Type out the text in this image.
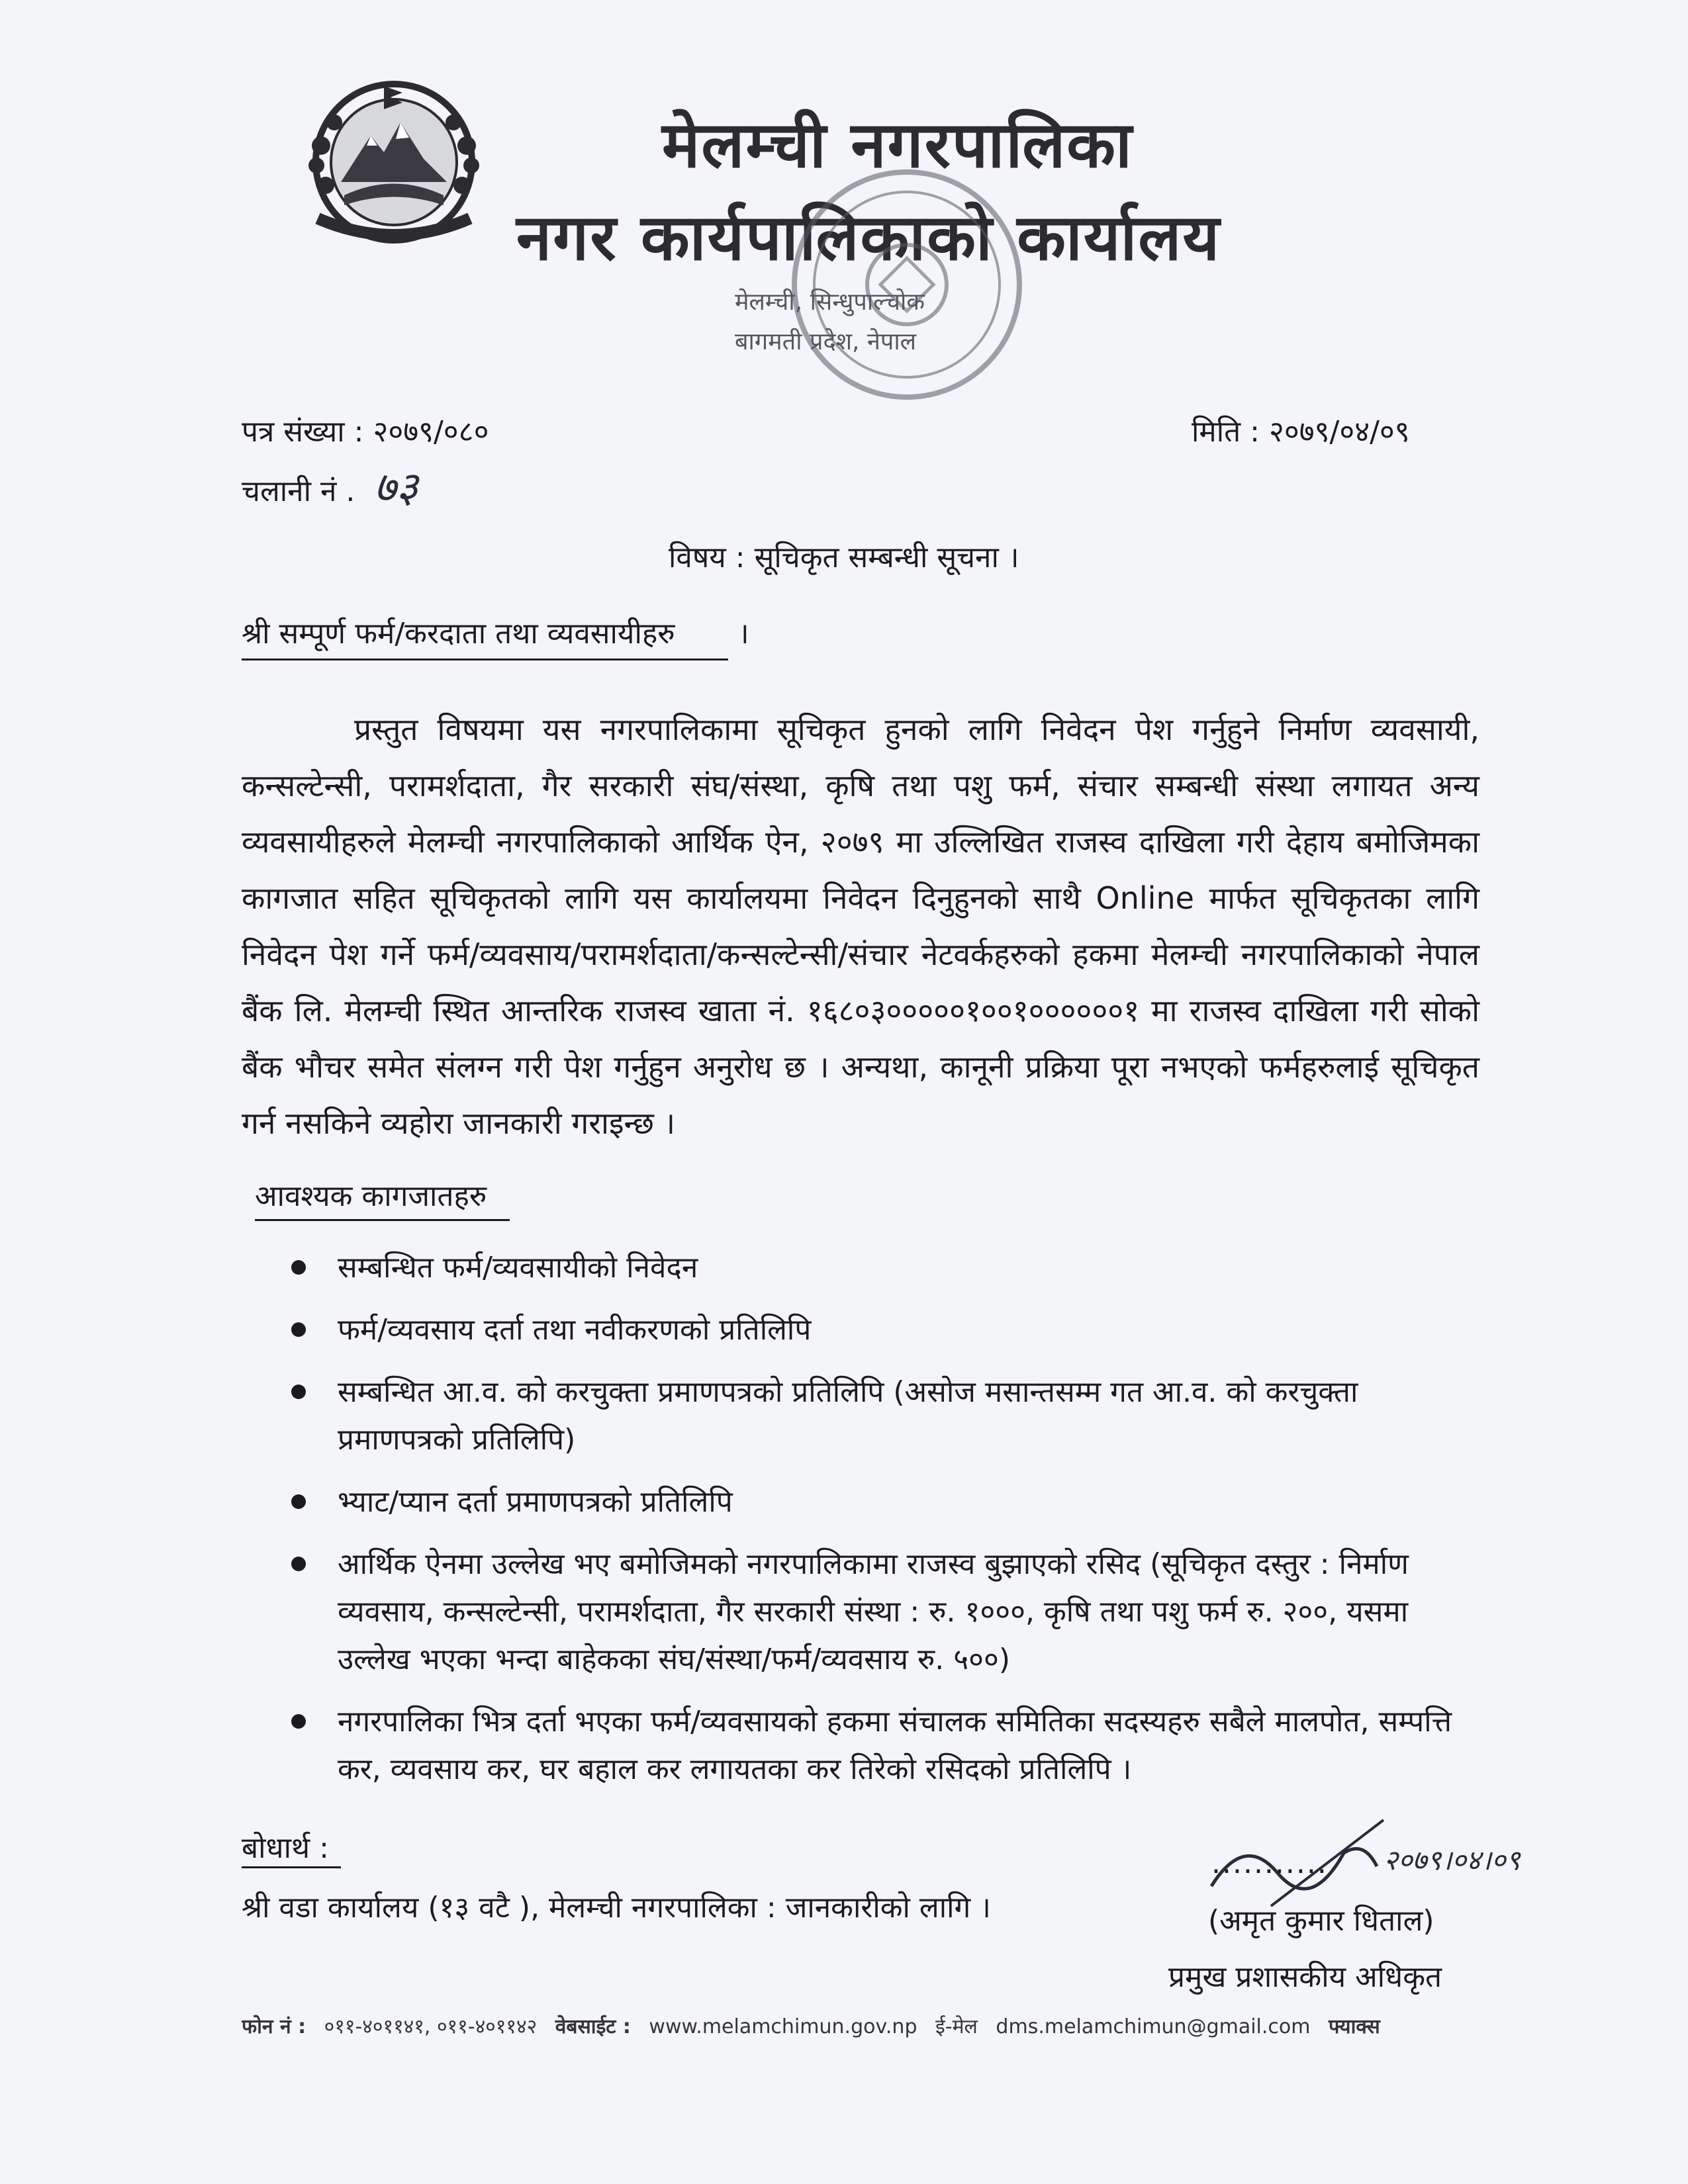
मेलम्ची नगरपालिका
नगर कार्यपालिकाको कार्यालय
मेलम्ची, सिन्धुपाल्चोक
बागमती प्रदेश, नेपाल
पत्र संख्या : २०७९/०८०	मिति : २०७९/०४/०९
चलानी नं . ७३
विषय : सूचिकृत सम्बन्धी सूचना ।
श्री सम्पूर्ण फर्म/करदाता तथा व्यवसायीहरु ।
प्रस्तुत विषयमा यस नगरपालिकामा सूचिकृत हुनको लागि निवेदन पेश गर्नुहुने निर्माण व्यवसायी, कन्सल्टेन्सी, परामर्शदाता, गैर सरकारी संघ/संस्था, कृषि तथा पशु फर्म, संचार सम्बन्धी संस्था लगायत अन्य व्यवसायीहरुले मेलम्ची नगरपालिकाको आर्थिक ऐन, २०७९ मा उल्लिखित राजस्व दाखिला गरी देहाय बमोजिमका कागजात सहित सूचिकृतको लागि यस कार्यालयमा निवेदन दिनुहुनको साथै Online मार्फत सूचिकृतका लागि निवेदन पेश गर्ने फर्म/व्यवसाय/परामर्शदाता/कन्सल्टेन्सी/संचार नेटवर्कहरुको हकमा मेलम्ची नगरपालिकाको नेपाल बैंक लि. मेलम्ची स्थित आन्तरिक राजस्व खाता नं. १६८०३०००००१००१००००००१ मा राजस्व दाखिला गरी सोको बैंक भौचर समेत संलग्न गरी पेश गर्नुहुन अनुरोध छ । अन्यथा, कानूनी प्रक्रिया पूरा नभएको फर्महरुलाई सूचिकृत गर्न नसकिने व्यहोरा जानकारी गराइन्छ ।
आवश्यक कागजातहरु
सम्बन्धित फर्म/व्यवसायीको निवेदन
फर्म/व्यवसाय दर्ता तथा नवीकरणको प्रतिलिपि
सम्बन्धित आ.व. को करचुक्ता प्रमाणपत्रको प्रतिलिपि (असोज मसान्तसम्म गत आ.व. को करचुक्ता प्रमाणपत्रको प्रतिलिपि)
भ्याट/प्यान दर्ता प्रमाणपत्रको प्रतिलिपि
आर्थिक ऐनमा उल्लेख भए बमोजिमको नगरपालिकामा राजस्व बुझाएको रसिद (सूचिकृत दस्तुर : निर्माण व्यवसाय, कन्सल्टेन्सी, परामर्शदाता, गैर सरकारी संस्था : रु. १०००, कृषि तथा पशु फर्म रु. २००, यसमा उल्लेख भएका भन्दा बाहेकका संघ/संस्था/फर्म/व्यवसाय रु. ५००)
नगरपालिका भित्र दर्ता भएका फर्म/व्यवसायको हकमा संचालक समितिका सदस्यहरु सबैले मालपोत, सम्पत्ति कर, व्यवसाय कर, घर बहाल कर लगायतका कर तिरेको रसिदको प्रतिलिपि ।
बोधार्थ :
श्री वडा कार्यालय (१३ वटै ), मेलम्ची नगरपालिका : जानकारीको लागि ।
२०७९।०४।०९
...........
(अमृत कुमार धिताल)
प्रमुख प्रशासकीय अधिकृत
फोन नं : ०११-४०११४१, ०११-४०११४२ वेबसाईट : www.melamchimun.gov.np ई-मेल dms.melamchimun@gmail.com फ्याक्स
